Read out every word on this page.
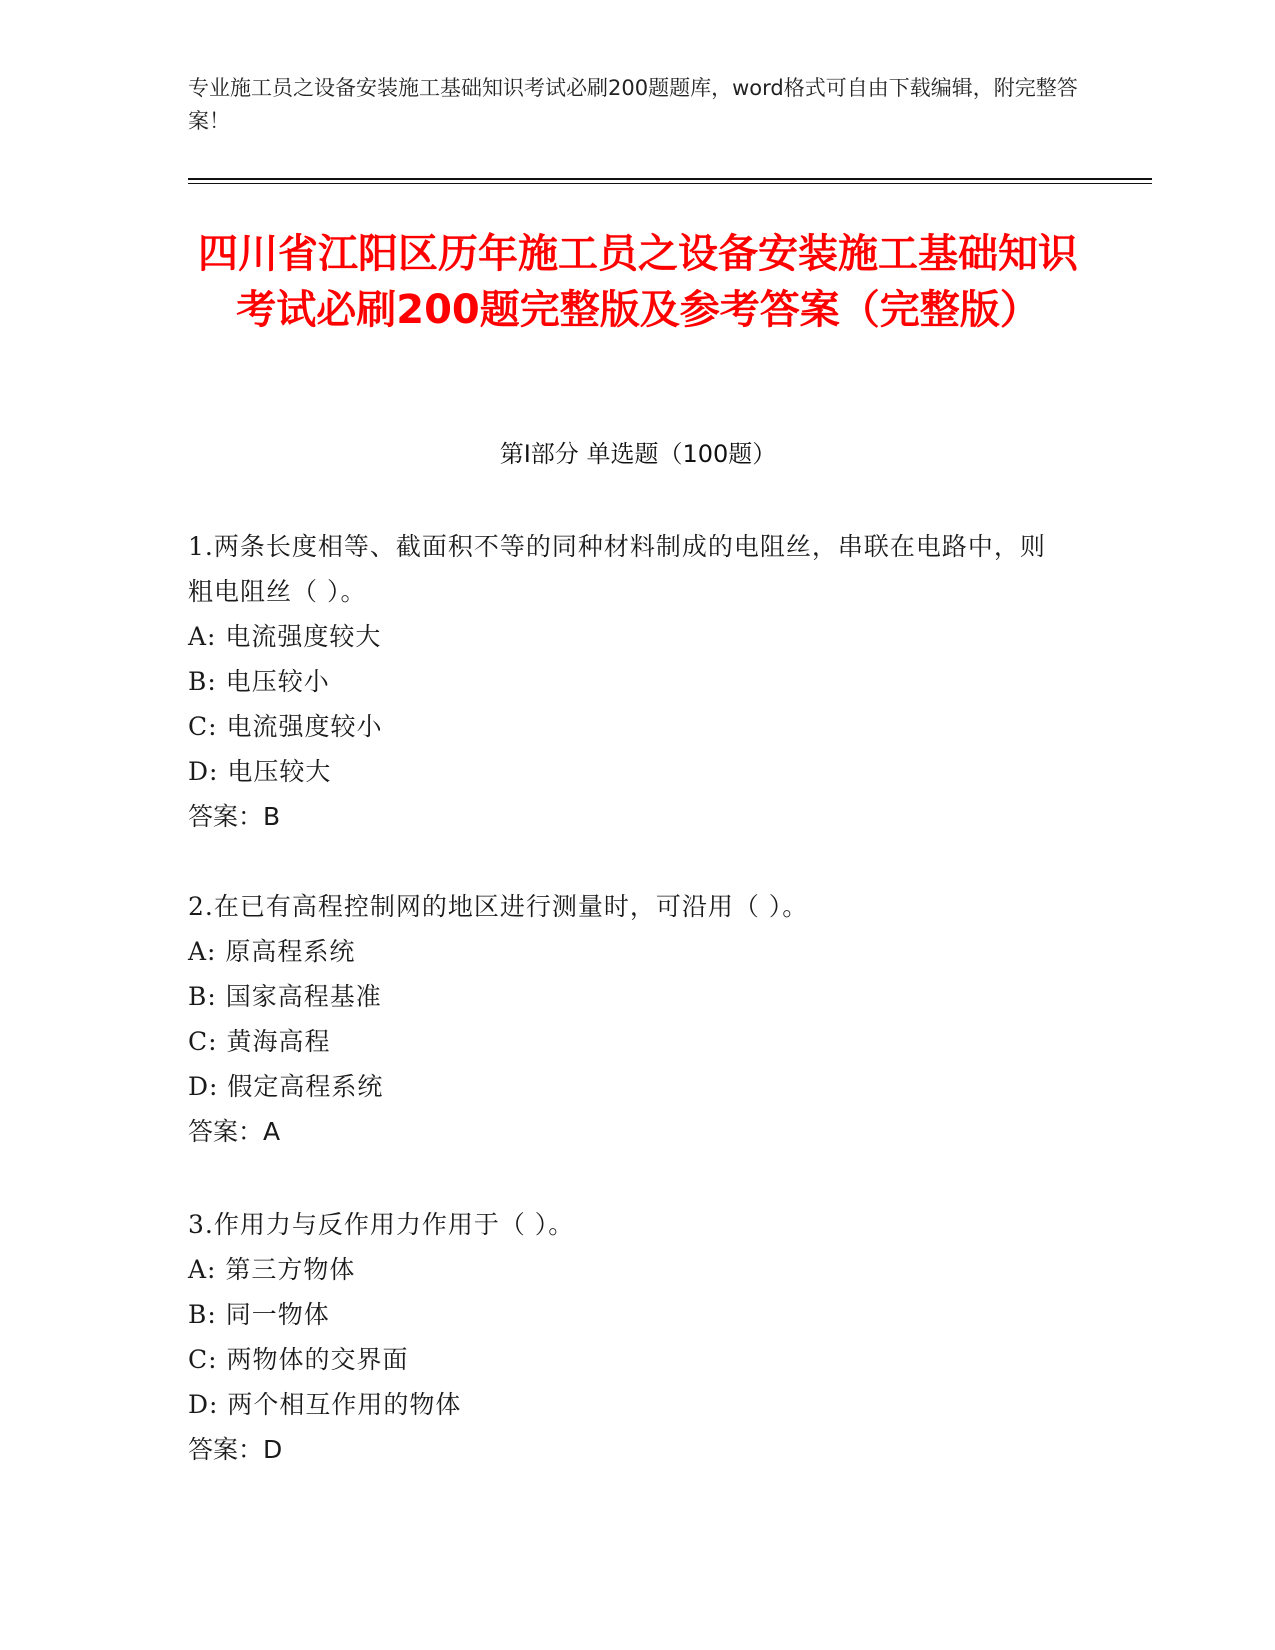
专业施工员之设备安装施工基础知识考试必刷200题题库，word格式可自由下载编辑，附完整答案！
四川省江阳区历年施工员之设备安装施工基础知识考试必刷200题完整版及参考答案（完整版）
第Ⅰ部分 单选题（100题）
1.两条长度相等、截面积不等的同种材料制成的电阻丝，串联在电路中，则粗电阻丝（ ）。
A: 电流强度较大
B: 电压较小
C: 电流强度较小
D: 电压较大
答案：B
2.在已有高程控制网的地区进行测量时，可沿用（ ）。
A: 原高程系统
B: 国家高程基准
C: 黄海高程
D: 假定高程系统
答案：A
3.作用力与反作用力作用于（ ）。
A: 第三方物体
B: 同一物体
C: 两物体的交界面
D: 两个相互作用的物体
答案：D
